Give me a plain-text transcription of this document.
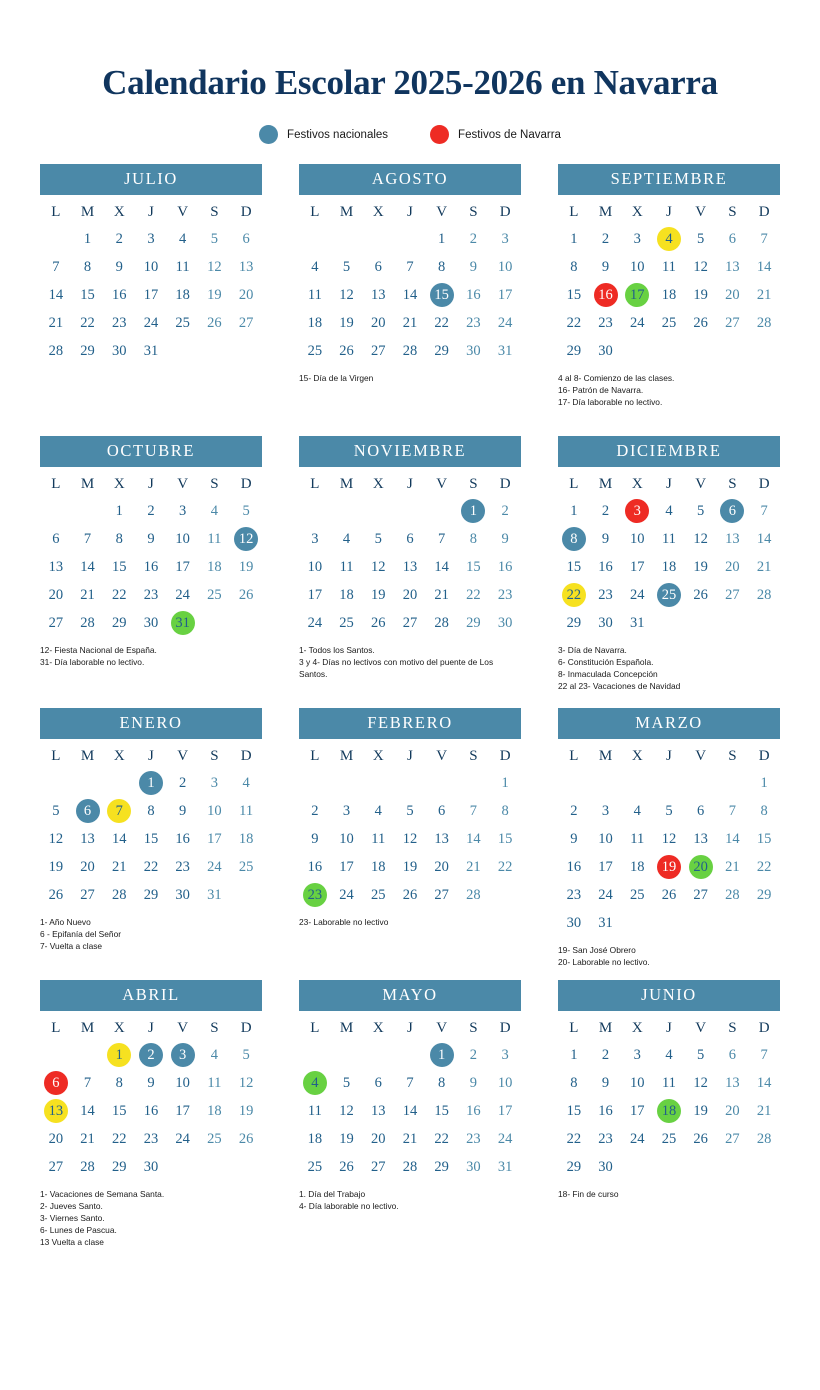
Calendario Escolar 2025-2026 en Navarra
Festivos nacionales	Festivos de Navarra
JULIO
L	M	X	J	V	S	D
	1	2	3	4	5	6
7	8	9	10	11	12	13
14	15	16	17	18	19	20
21	22	23	24	25	26	27
28	29	30	31			
AGOSTO
L	M	X	J	V	S	D
				1	2	3
4	5	6	7	8	9	10
11	12	13	14	15	16	17
18	19	20	21	22	23	24
25	26	27	28	29	30	31
15- Día de la Virgen
SEPTIEMBRE
L	M	X	J	V	S	D
1	2	3	4	5	6	7
8	9	10	11	12	13	14
15	16	17	18	19	20	21
22	23	24	25	26	27	28
29	30					
4 al 8- Comienzo de las clases.
16- Patrón de Navarra.
17- Día laborable no lectivo.
OCTUBRE
L	M	X	J	V	S	D
		1	2	3	4	5
6	7	8	9	10	11	12
13	14	15	16	17	18	19
20	21	22	23	24	25	26
27	28	29	30	31		
12- Fiesta Nacional de España.
31- Día laborable no lectivo.
NOVIEMBRE
L	M	X	J	V	S	D
					1	2
3	4	5	6	7	8	9
10	11	12	13	14	15	16
17	18	19	20	21	22	23
24	25	26	27	28	29	30
1- Todos los Santos.
3 y 4- Días no lectivos con motivo del puente de Los Santos.
DICIEMBRE
L	M	X	J	V	S	D
1	2	3	4	5	6	7
8	9	10	11	12	13	14
15	16	17	18	19	20	21
22	23	24	25	26	27	28
29	30	31				
3- Día de Navarra.
6- Constitución Española.
8- Inmaculada Concepción
22 al 23- Vacaciones de Navidad
ENERO
L	M	X	J	V	S	D
			1	2	3	4
5	6	7	8	9	10	11
12	13	14	15	16	17	18
19	20	21	22	23	24	25
26	27	28	29	30	31	
1- Año Nuevo
6 - Epifanía del Señor
7- Vuelta a clase
FEBRERO
L	M	X	J	V	S	D
						1
2	3	4	5	6	7	8
9	10	11	12	13	14	15
16	17	18	19	20	21	22
23	24	25	26	27	28	
23- Laborable no lectivo
MARZO
L	M	X	J	V	S	D
						1
2	3	4	5	6	7	8
9	10	11	12	13	14	15
16	17	18	19	20	21	22
23	24	25	26	27	28	29
30	31					
19- San José Obrero
20- Laborable no lectivo.
ABRIL
L	M	X	J	V	S	D
		1	2	3	4	5
6	7	8	9	10	11	12
13	14	15	16	17	18	19
20	21	22	23	24	25	26
27	28	29	30			
1- Vacaciones de Semana Santa.
2- Jueves Santo.
3- Viernes Santo.
6- Lunes de Pascua.
13 Vuelta a clase
MAYO
L	M	X	J	V	S	D
				1	2	3
4	5	6	7	8	9	10
11	12	13	14	15	16	17
18	19	20	21	22	23	24
25	26	27	28	29	30	31
1. Día del Trabajo
4- Día laborable no lectivo.
JUNIO
L	M	X	J	V	S	D
1	2	3	4	5	6	7
8	9	10	11	12	13	14
15	16	17	18	19	20	21
22	23	24	25	26	27	28
29	30					
18- Fin de curso
